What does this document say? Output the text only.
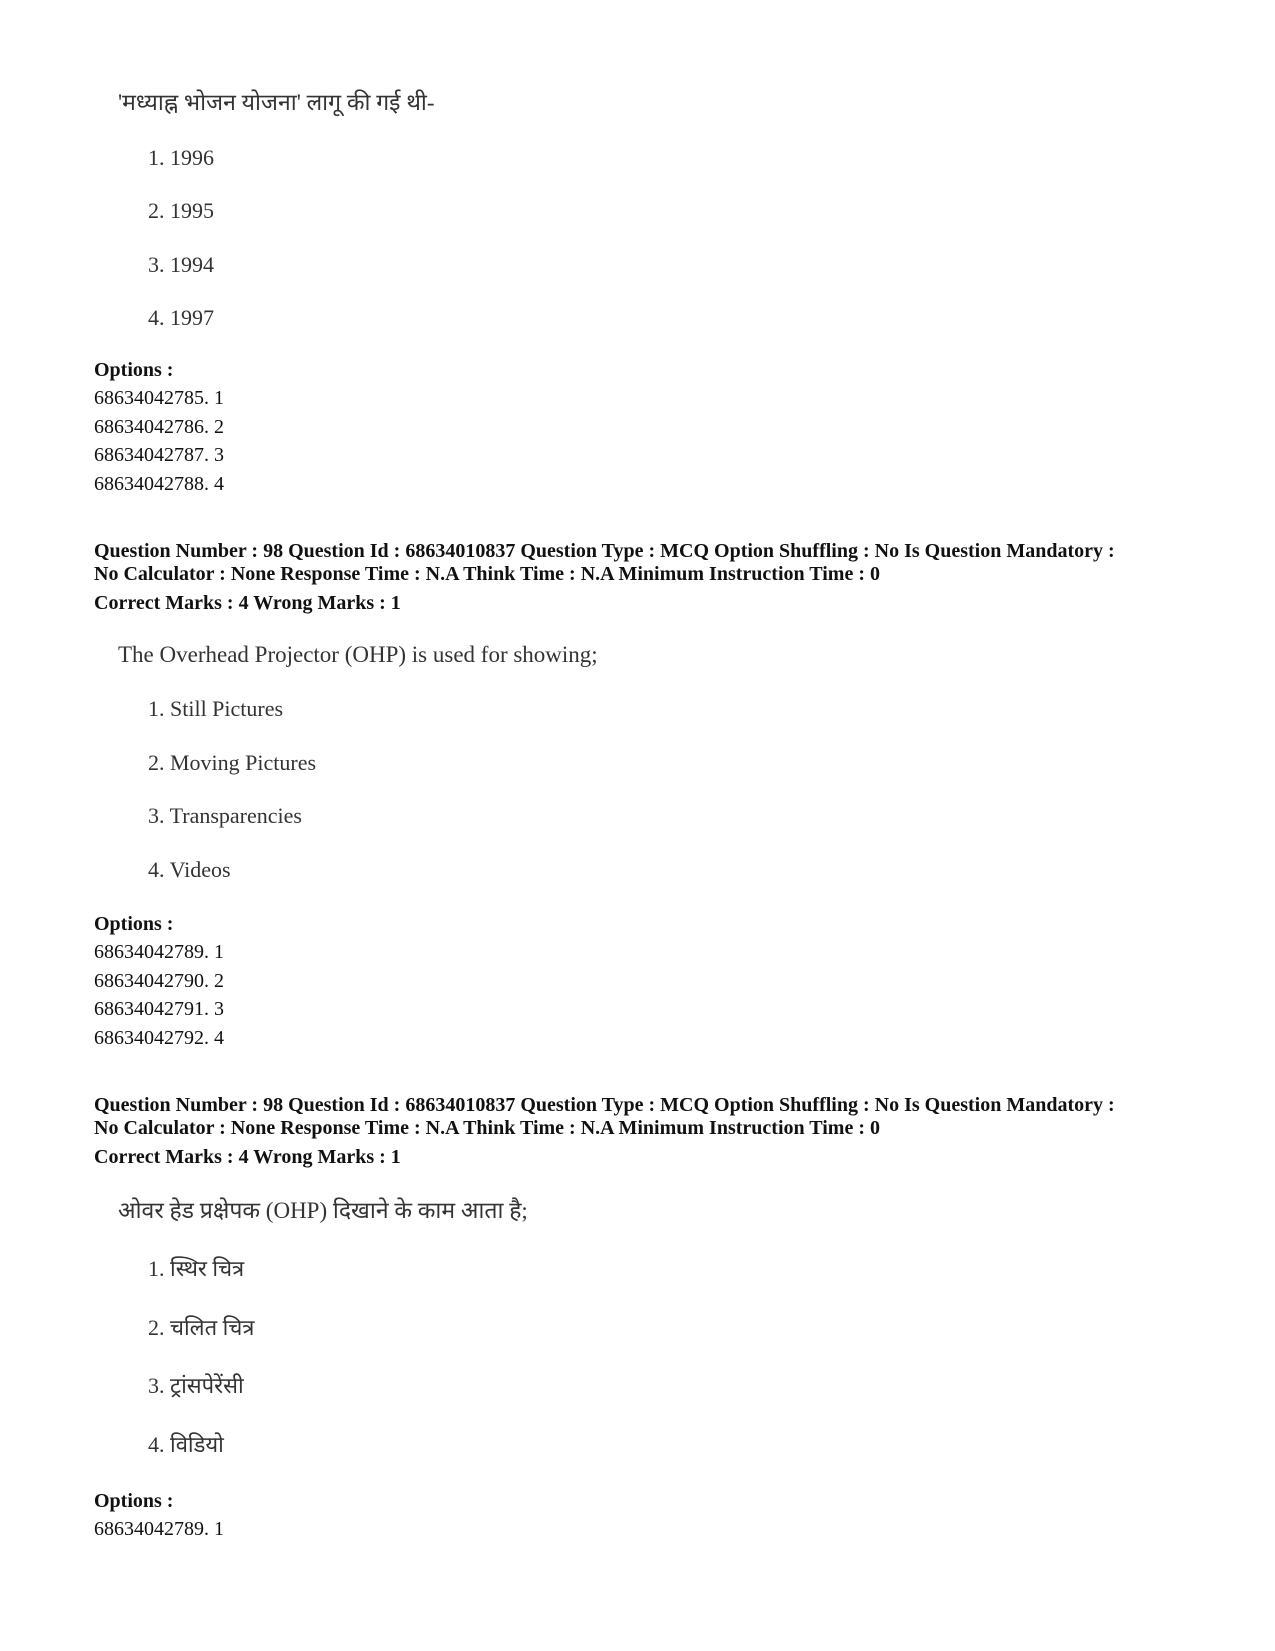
'मध्याह्न भोजन योजना' लागू की गई थी-
1. 1996
2. 1995
3. 1994
4. 1997
Options :
68634042785. 1
68634042786. 2
68634042787. 3
68634042788. 4
Question Number : 98 Question Id : 68634010837 Question Type : MCQ Option Shuffling : No Is Question Mandatory :
No Calculator : None Response Time : N.A Think Time : N.A Minimum Instruction Time : 0
Correct Marks : 4 Wrong Marks : 1
The Overhead Projector (OHP) is used for showing;
1. Still Pictures
2. Moving Pictures
3. Transparencies
4. Videos
Options :
68634042789. 1
68634042790. 2
68634042791. 3
68634042792. 4
Question Number : 98 Question Id : 68634010837 Question Type : MCQ Option Shuffling : No Is Question Mandatory :
No Calculator : None Response Time : N.A Think Time : N.A Minimum Instruction Time : 0
Correct Marks : 4 Wrong Marks : 1
ओवर हेड प्रक्षेपक (OHP) दिखाने के काम आता है;
1. स्थिर चित्र
2. चलित चित्र
3. ट्रांसपेरेंसी
4. विडियो
Options :
68634042789. 1
